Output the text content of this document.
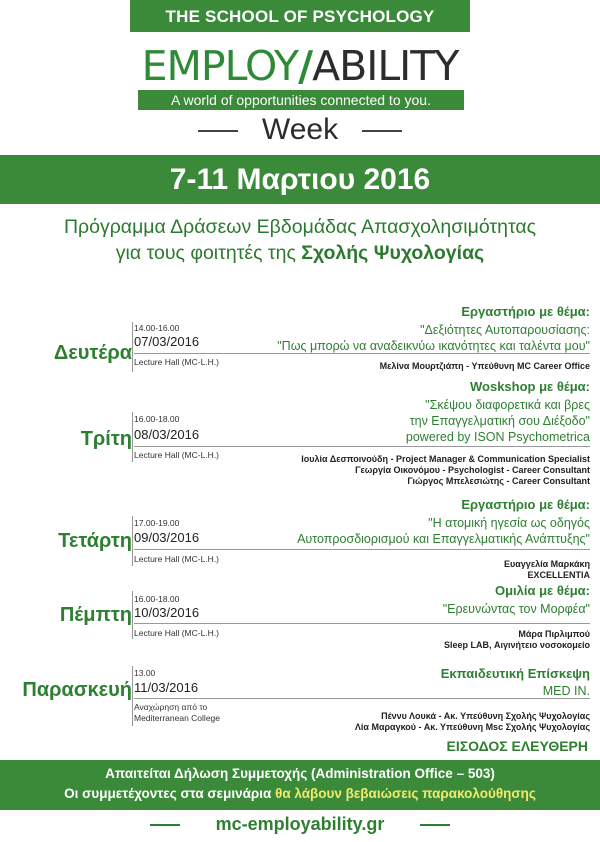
THE SCHOOL OF PSYCHOLOGY
EMPLOY/ABILITY
A world of opportunities connected to you.
Week
7-11 Μαρτιου 2016
Πρόγραμμα Δράσεων Εβδομάδας Απασχολησιμότητας
για τους φοιτητές της Σχολής Ψυχολογίας
Δευτέρα
14.00-16.00
07/03/2016
Lecture Hall (MC-L.H.)
Εργαστήριο με θέμα:
"Δεξιότητες Αυτοπαρουσίασης:
"Πως μπορώ να αναδεικνύω ικανότητες και ταλέντα μου"
Μελίνα Μουρτζιάπη - Υπεύθυνη MC Career Office
Τρίτη
16.00-18.00
08/03/2016
Lecture Hall (MC-L.H.)
Woskshop με θέμα:
"Σκέψου διαφορετικά και βρες
την Επαγγελματική σου Διέξοδο"
powered by ISON Psychometrica
Ιουλία Δεσποινούδη - Project Manager & Communication Specialist
Γεωργία Οικονόμου - Psychologist - Career Consultant
Γιώργος Μπελεσιώτης - Career Consultant
Τετάρτη
17.00-19.00
09/03/2016
Lecture Hall (MC-L.H.)
Εργαστήριο με θέμα:
"Η ατομική ηγεσία ως οδηγός
Αυτοπροσδιορισμού και Επαγγελματικής Ανάπτυξης"
Ευαγγελία Μαρκάκη
EXCELLENTIA
Πέμπτη
16.00-18.00
10/03/2016
Lecture Hall (MC-L.H.)
Ομιλία με θέμα:
"Ερευνώντας τον Μορφέα"
Μάρα Πιρλιμπού
Sleep LAB, Αιγινήτειο νοσοκομείο
Παρασκευή
13.00
11/03/2016
Αναχώρηση από το Mediterranean College
Εκπαιδευτική Επίσκεψη
MED IN.
Πέννυ Λουκά - Ακ. Υπεύθυνη Σχολής Ψυχολογίας
Λία Μαραγκού - Ακ. Υπεύθυνη Msc Σχολής Ψυχολογίας
ΕΙΣΟΔΟΣ ΕΛΕΥΘΕΡΗ
Απαιτείται Δήλωση Συμμετοχής (Administration Office – 503)
Οι συμμετέχοντες στα σεμινάρια θα λάβουν βεβαιώσεις παρακολούθησης
mc-employability.gr
